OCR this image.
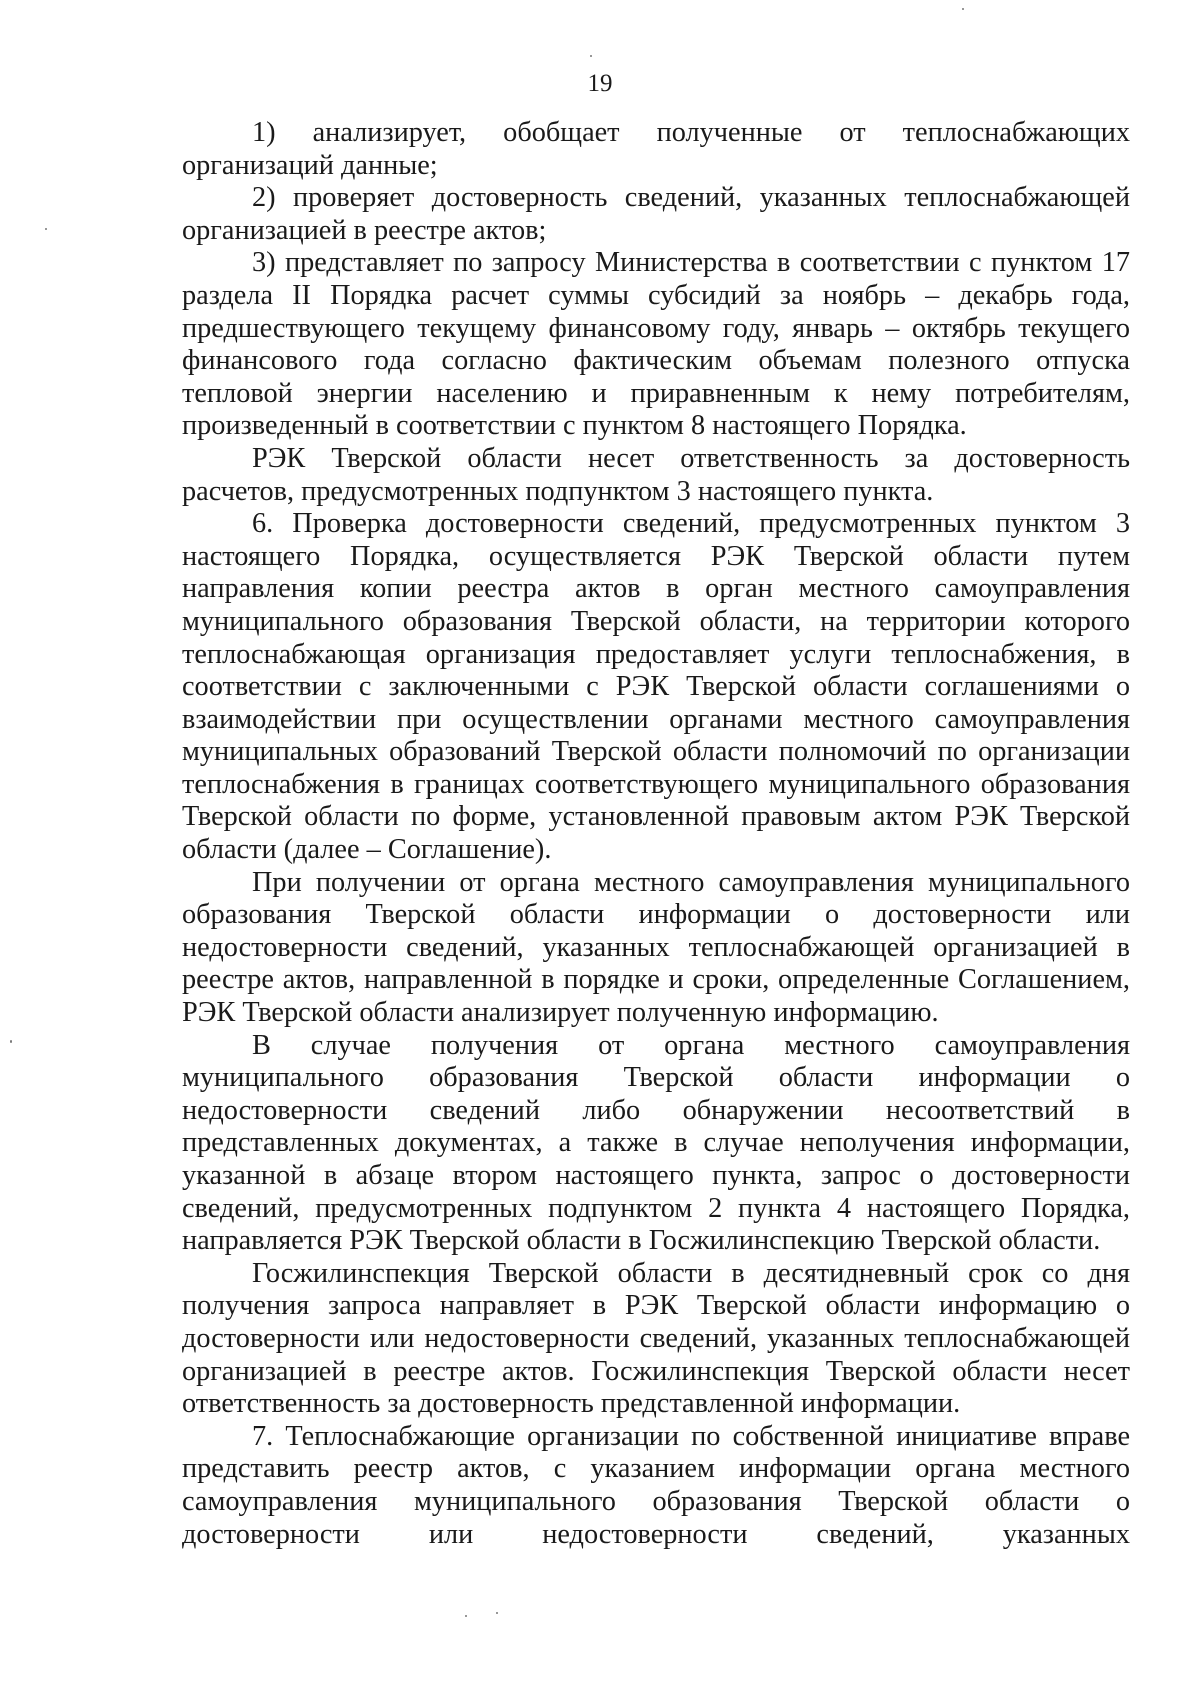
19

1) анализирует, обобщает полученные от теплоснабжающих организаций данные;

2) проверяет достоверность сведений, указанных теплоснабжающей организацией в реестре актов;

3) представляет по запросу Министерства в соответствии с пунктом 17 раздела II Порядка расчет суммы субсидий за ноябрь – декабрь года, предшествующего текущему финансовому году, январь – октябрь текущего финансового года согласно фактическим объемам полезного отпуска тепловой энергии населению и приравненным к нему потребителям, произведенный в соответствии с пунктом 8 настоящего Порядка.

РЭК Тверской области несет ответственность за достоверность расчетов, предусмотренных подпунктом 3 настоящего пункта.

6. Проверка достоверности сведений, предусмотренных пунктом 3 настоящего Порядка, осуществляется РЭК Тверской области путем направления копии реестра актов в орган местного самоуправления муниципального образования Тверской области, на территории которого теплоснабжающая организация предоставляет услуги теплоснабжения, в соответствии с заключенными с РЭК Тверской области соглашениями о взаимодействии при осуществлении органами местного самоуправления муниципальных образований Тверской области полномочий по организации теплоснабжения в границах соответствующего муниципального образования Тверской области по форме, установленной правовым актом РЭК Тверской области (далее – Соглашение).

При получении от органа местного самоуправления муниципального образования Тверской области информации о достоверности или недостоверности сведений, указанных теплоснабжающей организацией в реестре актов, направленной в порядке и сроки, определенные Соглашением, РЭК Тверской области анализирует полученную информацию.

В случае получения от органа местного самоуправления муниципального образования Тверской области информации о недостоверности сведений либо обнаружении несоответствий в представленных документах, а также в случае неполучения информации, указанной в абзаце втором настоящего пункта, запрос о достоверности сведений, предусмотренных подпунктом 2 пункта 4 настоящего Порядка, направляется РЭК Тверской области в Госжилинспекцию Тверской области.

Госжилинспекция Тверской области в десятидневный срок со дня получения запроса направляет в РЭК Тверской области информацию о достоверности или недостоверности сведений, указанных теплоснабжающей организацией в реестре актов. Госжилинспекция Тверской области несет ответственность за достоверность представленной информации.

7. Теплоснабжающие организации по собственной инициативе вправе представить реестр актов, с указанием информации органа местного самоуправления муниципального образования Тверской области о достоверности или недостоверности сведений, указанных
